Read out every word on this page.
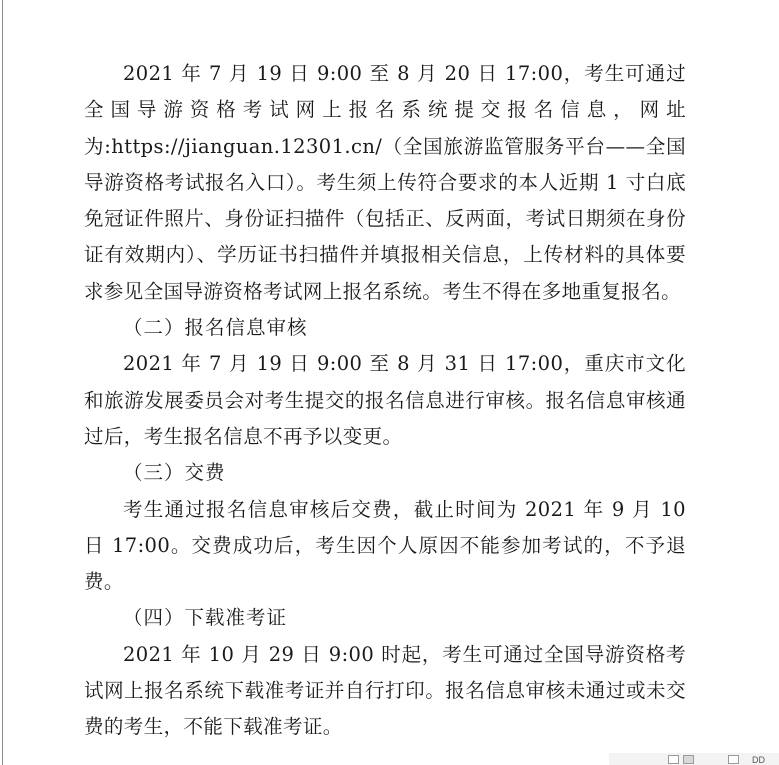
2021 年 7 月 19 日 9:00 至 8 月 20 日 17:00，考生可通过全国导游资格考试网上报名系统提交报名信息，网址为:https://jianguan.12301.cn/（全国旅游监管服务平台——全国导游资格考试报名入口）。考生须上传符合要求的本人近期 1 寸白底免冠证件照片、身份证扫描件（包括正、反两面，考试日期须在身份证有效期内）、学历证书扫描件并填报相关信息，上传材料的具体要求参见全国导游资格考试网上报名系统。考生不得在多地重复报名。

（二）报名信息审核

2021 年 7 月 19 日 9:00 至 8 月 31 日 17:00，重庆市文化和旅游发展委员会对考生提交的报名信息进行审核。报名信息审核通过后，考生报名信息不再予以变更。

（三）交费

考生通过报名信息审核后交费，截止时间为 2021 年 9 月 10 日 17:00。交费成功后，考生因个人原因不能参加考试的，不予退费。

（四）下载准考证

2021 年 10 月 29 日 9:00 时起，考生可通过全国导游资格考试网上报名系统下载准考证并自行打印。报名信息审核未通过或未交费的考生，不能下载准考证。

DD
